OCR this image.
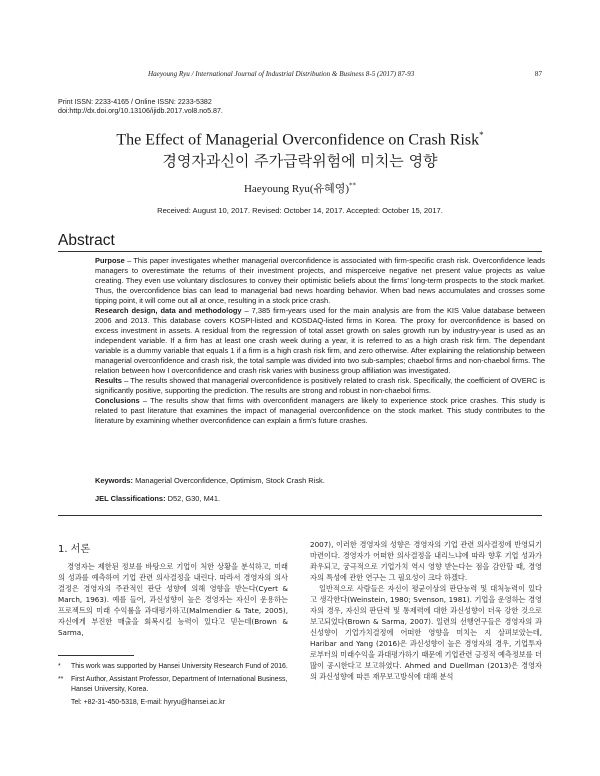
Haeyoung Ryu / International Journal of Industrial Distribution & Business 8-5 (2017) 87-93	87
Print ISSN: 2233-4165 / Online ISSN: 2233-5382
doi:http://dx.doi.org/10.13106/ijidb.2017.vol8.no5.87.
The Effect of Managerial Overconfidence on Crash Risk*
경영자과신이 주가급락위험에 미치는 영향
Haeyoung Ryu(유혜영)**
Received: August 10, 2017. Revised: October 14, 2017. Accepted: October 15, 2017.
Abstract

Purpose – This paper investigates whether managerial overconfidence is associated with firm-specific crash risk. Overconfidence leads managers to overestimate the returns of their investment projects, and misperceive negative net present value projects as value creating. They even use voluntary disclosures to convey their optimistic beliefs about the firms' long-term prospects to the stock market. Thus, the overconfidence bias can lead to managerial bad news hoarding behavior. When bad news accumulates and crosses some tipping point, it will come out all at once, resulting in a stock price crash.

Research design, data and methodology – 7,385 firm-years used for the main analysis are from the KIS Value database between 2006 and 2013. This database covers KOSPI-listed and KOSDAQ-listed firms in Korea. The proxy for overconfidence is based on excess investment in assets. A residual from the regression of total asset growth on sales growth run by industry-year is used as an independent variable. If a firm has at least one crash week during a year, it is referred to as a high crash risk firm. The dependant variable is a dummy variable that equals 1 if a firm is a high crash risk firm, and zero otherwise. After explaining the relationship between managerial overconfidence and crash risk, the total sample was divided into two sub-samples; chaebol firms and non-chaebol firms. The relation between how I overconfidence and crash risk varies with business group affiliation was investigated.

Results – The results showed that managerial overconfidence is positively related to crash risk. Specifically, the coefficient of OVERC is significantly positive, supporting the prediction. The results are strong and robust in non-chaebol firms.

Conclusions – The results show that firms with overconfident managers are likely to experience stock price crashes. This study is related to past literature that examines the impact of managerial overconfidence on the stock market. This study contributes to the literature by examining whether overconfidence can explain a firm's future crashes.

Keywords: Managerial Overconfidence, Optimism, Stock Crash Risk.
JEL Classifications: D52, G30, M41.
1. 서론

경영자는 제한된 정보를 바탕으로 기업이 처한 상황을 분석하고, 미래의 성과를 예측하여 기업 관련 의사결정을 내린다. 따라서 경영자의 의사결정은 경영자의 주관적인 판단 성향에 의해 영향을 받는다(Cyert & March, 1963). 예를 들어, 과신성향이 높은 경영자는 자신이 운용하는 프로젝트의 미래 수익률을 과대평가하고(Malmendier & Tate, 2005), 자신에게 부진한 매출을 회복시킬 능력이 있다고 믿는데(Brown & Sarma,

*	This work was supported by Hansei University Research Fund of 2016.
**	First Author, Assistant Professor, Department of International Business, Hansei University, Korea.
Tel: +82-31-450-5318, E-mail: hyryu@hansei.ac.kr

2007), 이러한 경영자의 성향은 경영자의 기업 관련 의사결정에 반영되기 마련이다. 경영자가 어떠한 의사결정을 내리느냐에 따라 향후 기업 성과가 좌우되고, 궁극적으로 기업가치 역시 영향 받는다는 점을 감안할 때, 경영자의 특성에 관한 연구는 그 필요성이 크다 하겠다.

일반적으로 사람들은 자신이 평균이상의 판단능력 및 대처능력이 있다고 생각한다(Weinstein, 1980; Svenson, 1981). 기업을 운영하는 경영자의 경우, 자신의 판단력 및 통제력에 대한 과신성향이 더욱 강한 것으로 보고되었다(Brown & Sarma, 2007). 일련의 선행연구들은 경영자의 과신성향이 기업가치결정에 어떠한 영향을 미치는 지 살펴보았는데, Haribar and Yang (2016)은 과신성향이 높은 경영자의 경우, 기업투자로부터의 미래수익을 과대평가하기 때문에 기업관련 긍정적 예측정보를 더 많이 공시한다고 보고하였다. Ahmed and Duellman (2013)은 경영자의 과신성향에 따른 재무보고방식에 대해 분석
